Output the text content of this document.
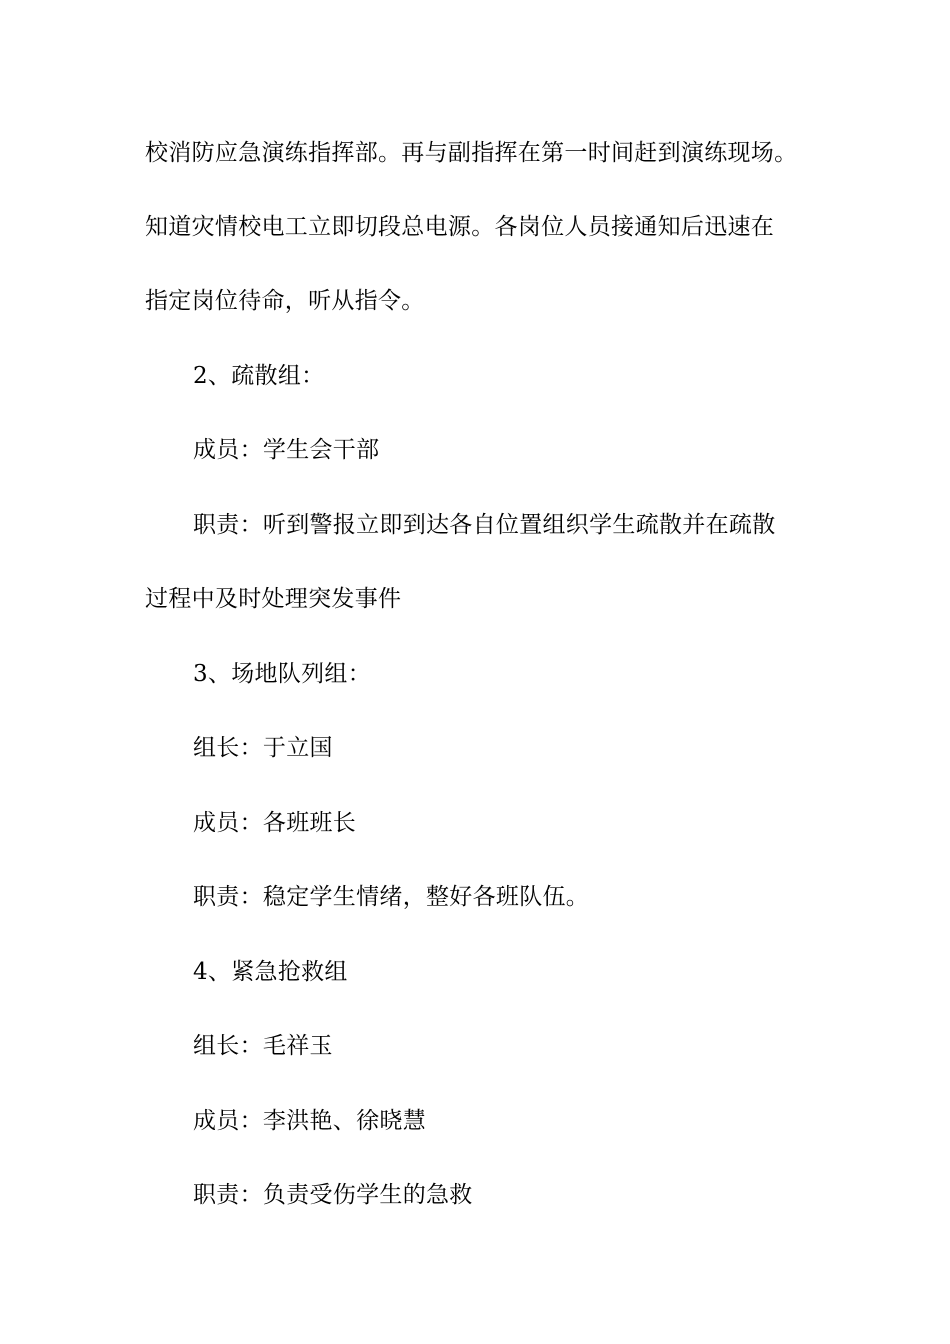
校消防应急演练指挥部。再与副指挥在第一时间赶到演练现场。
知道灾情校电工立即切段总电源。各岗位人员接通知后迅速在
指定岗位待命，听从指令。
2、疏散组：
成员：学生会干部
职责：听到警报立即到达各自位置组织学生疏散并在疏散
过程中及时处理突发事件
3、场地队列组：
组长：于立国
成员：各班班长
职责：稳定学生情绪，整好各班队伍。
4、紧急抢救组
组长：毛祥玉
成员：李洪艳、徐晓慧
职责：负责受伤学生的急救
